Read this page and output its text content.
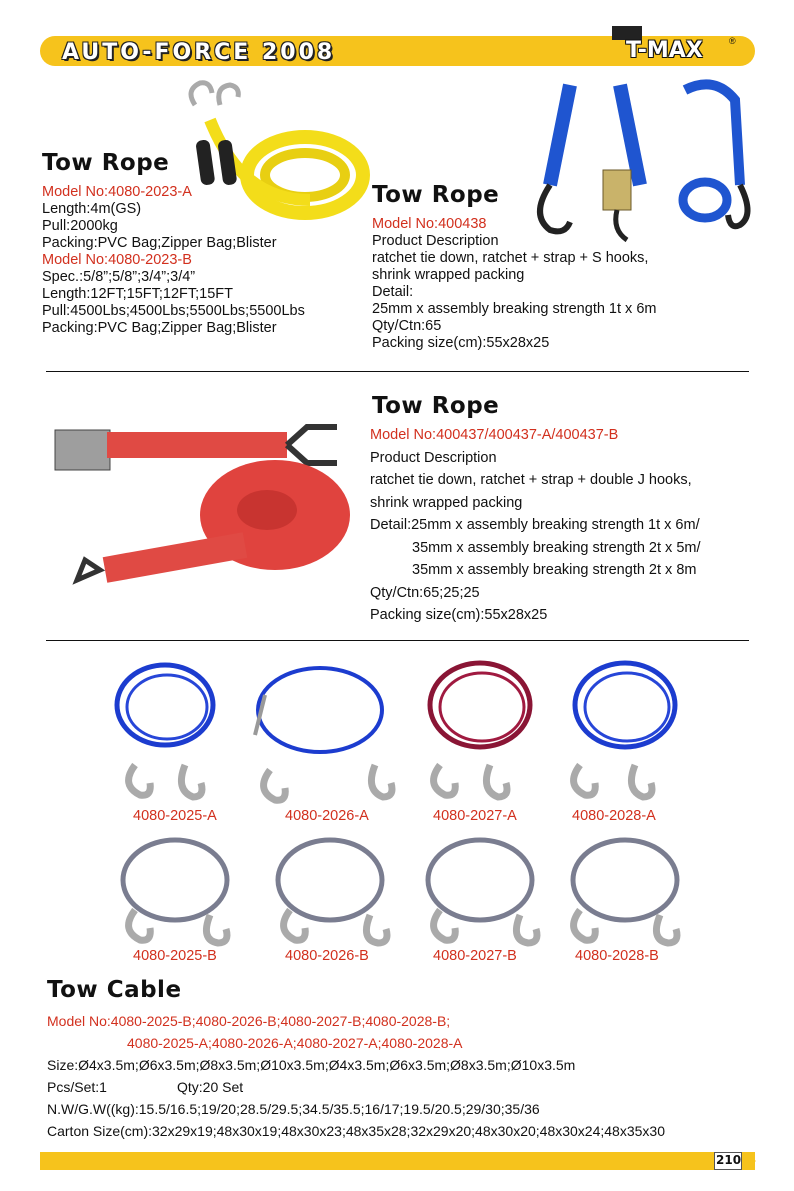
AUTO-FORCE 2008	T-MAX	®
Tow Rope
Model No:4080-2023-A
Length:4m(GS)
Pull:2000kg
Packing:PVC Bag;Zipper Bag;Blister
Model No:4080-2023-B
Spec.:5/8”;5/8”;3/4”;3/4”
Length:12FT;15FT;12FT;15FT
Pull:4500Lbs;4500Lbs;5500Lbs;5500Lbs
Packing:PVC Bag;Zipper Bag;Blister
Tow Rope
Model No:400438
Product Description
ratchet tie down, ratchet + strap + S hooks,
shrink wrapped packing
Detail:
25mm x assembly breaking strength 1t x 6m
Qty/Ctn:65
Packing size(cm):55x28x25
Tow Rope
Model No:400437/400437-A/400437-B
Product Description
ratchet tie down, ratchet + strap + double J hooks,
shrink wrapped packing
Detail:25mm x assembly breaking strength 1t x 6m/
35mm x assembly breaking strength 2t x 5m/
35mm x assembly breaking strength 2t x 8m
Qty/Ctn:65;25;25
Packing size(cm):55x28x25
4080-2025-A	4080-2026-A	4080-2027-A	4080-2028-A
4080-2025-B	4080-2026-B	4080-2027-B	4080-2028-B
Tow Cable
Model No:4080-2025-B;4080-2026-B;4080-2027-B;4080-2028-B;
4080-2025-A;4080-2026-A;4080-2027-A;4080-2028-A
Size:Ø4x3.5m;Ø6x3.5m;Ø8x3.5m;Ø10x3.5m;Ø4x3.5m;Ø6x3.5m;Ø8x3.5m;Ø10x3.5m
Pcs/Set:1	Qty:20 Set
N.W/G.W((kg):15.5/16.5;19/20;28.5/29.5;34.5/35.5;16/17;19.5/20.5;29/30;35/36
Carton Size(cm):32x29x19;48x30x19;48x30x23;48x35x28;32x29x20;48x30x20;48x30x24;48x35x30
210
